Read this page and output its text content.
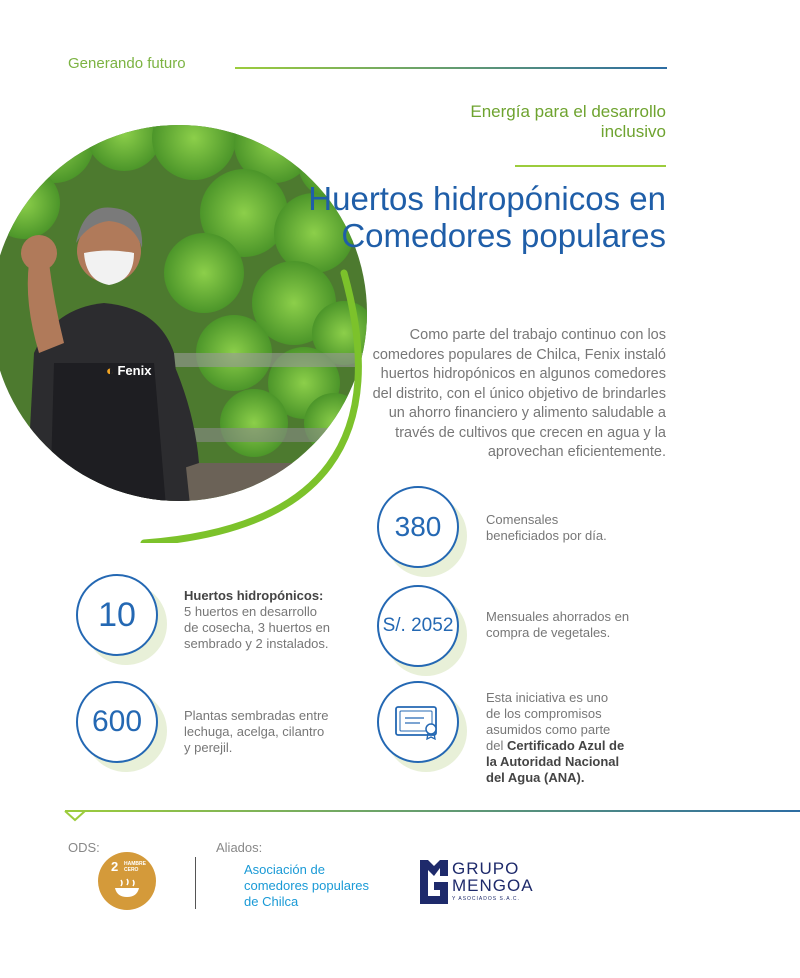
Generando futuro
◐ Fenix
Energía para el desarrollo inclusivo
Huertos hidropónicos en Comedores populares
Como parte del trabajo continuo con los comedores populares de Chilca, Fenix instaló huertos hidropónicos en algunos comedores del distrito, con el único objetivo de brindarles un ahorro financiero y alimento saludable a través de cultivos que crecen en agua y la aprovechan eficientemente.
380	Comensales beneficiados por día.
10	Huertos hidropónicos:
5 huertos en desarrollo de cosecha, 3 huertos en sembrado y 2 instalados.
S/. 2052	Mensuales ahorrados en compra de vegetales.
600	Plantas sembradas entre lechuga, acelga, cilantro y perejil.
Esta iniciativa es uno de los compromisos asumidos como parte del Certificado Azul de la Autoridad Nacional del Agua (ANA).
ODS:	Aliados:
2 HAMBRE CERO	Asociación de comedores populares de Chilca
GRUPO
MENGOA
Y ASOCIADOS S.A.C.
